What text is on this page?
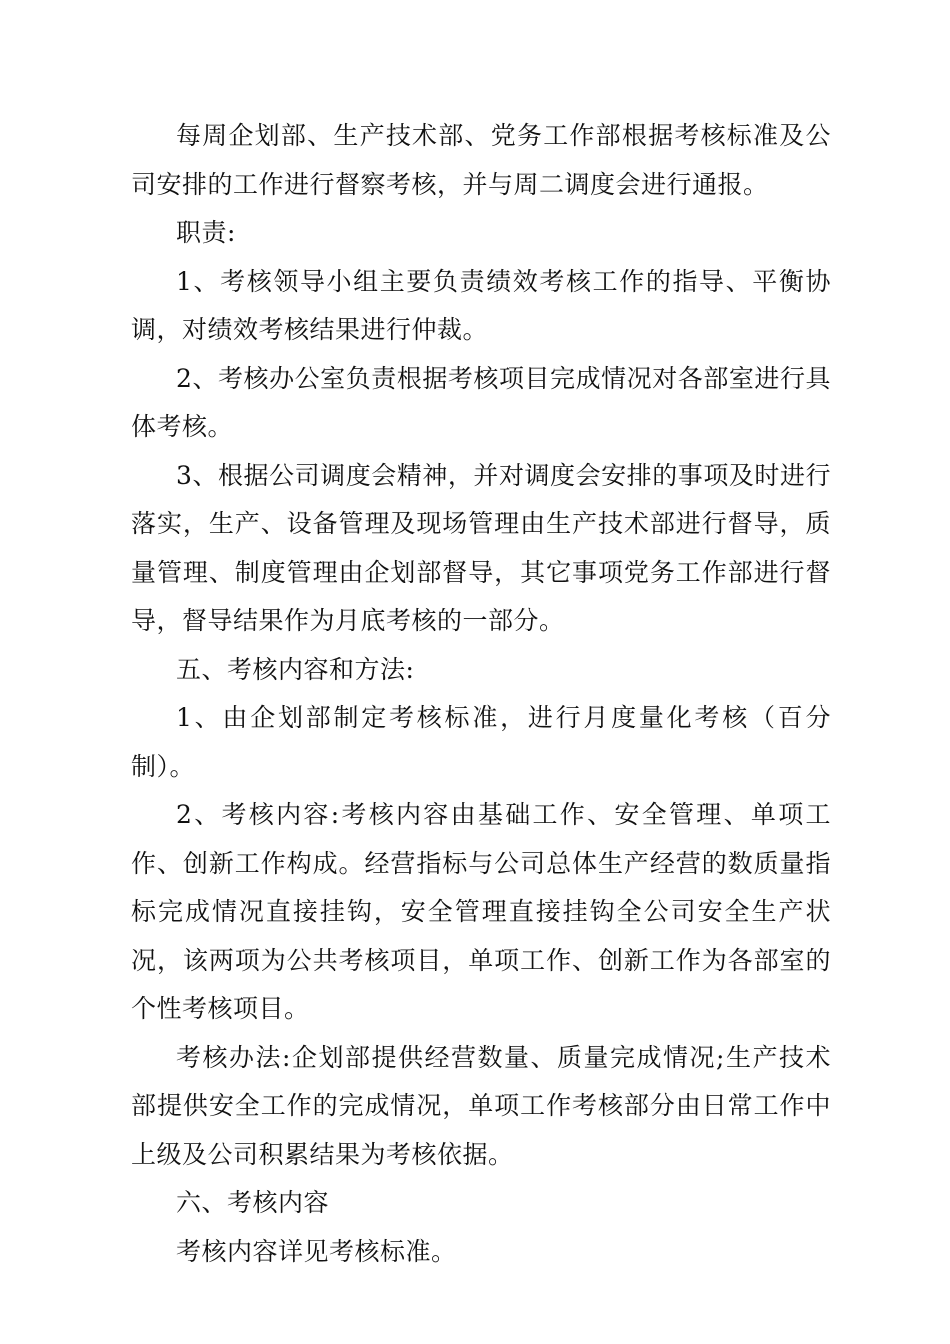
每周企划部、生产技术部、党务工作部根据考核标准及公司安排的工作进行督察考核，并与周二调度会进行通报。

职责:

1、考核领导小组主要负责绩效考核工作的指导、平衡协调，对绩效考核结果进行仲裁。

2、考核办公室负责根据考核项目完成情况对各部室进行具体考核。

3、根据公司调度会精神，并对调度会安排的事项及时进行落实，生产、设备管理及现场管理由生产技术部进行督导，质量管理、制度管理由企划部督导，其它事项党务工作部进行督导，督导结果作为月底考核的一部分。

五、考核内容和方法:

1、由企划部制定考核标准，进行月度量化考核（百分制）。

2、考核内容:考核内容由基础工作、安全管理、单项工作、创新工作构成。经营指标与公司总体生产经营的数质量指标完成情况直接挂钩，安全管理直接挂钩全公司安全生产状况，该两项为公共考核项目，单项工作、创新工作为各部室的个性考核项目。

考核办法:企划部提供经营数量、质量完成情况;生产技术部提供安全工作的完成情况，单项工作考核部分由日常工作中上级及公司积累结果为考核依据。

六、考核内容

考核内容详见考核标准。
